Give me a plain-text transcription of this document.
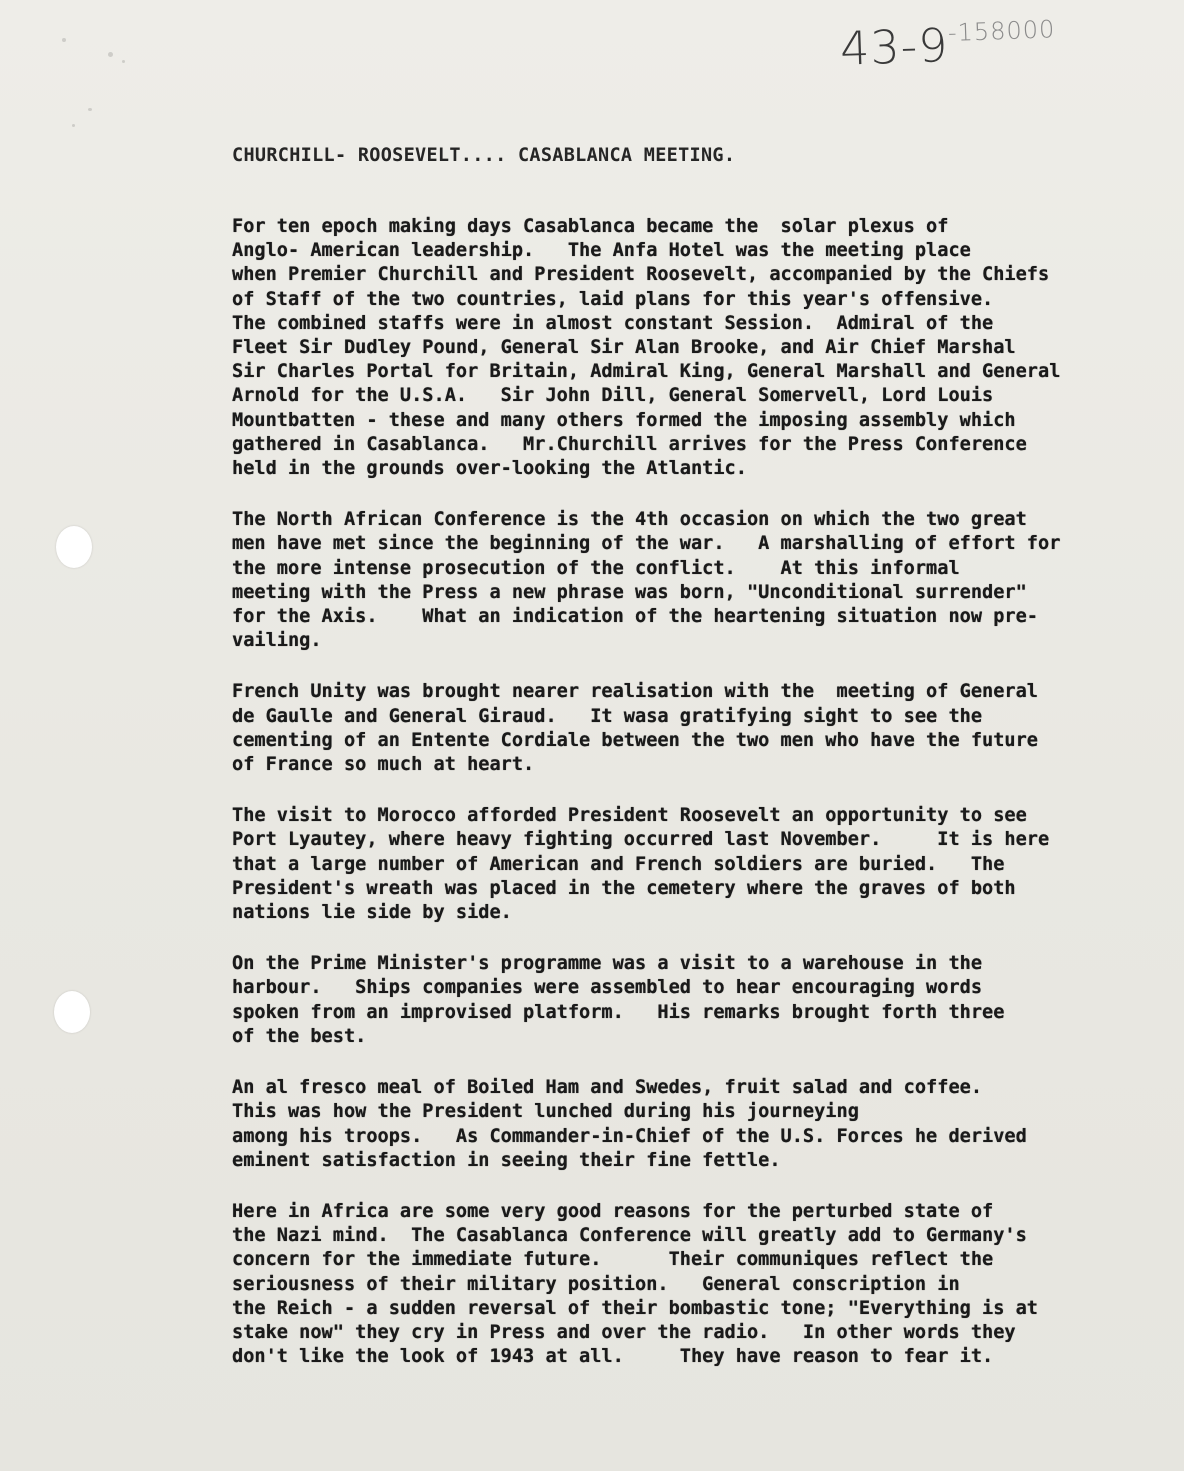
43-9$^{-158000}$
CHURCHILL- ROOSEVELT.... CASABLANCA MEETING.
For ten epoch making days Casablanca became the  solar plexus of
Anglo- American leadership.   The Anfa Hotel was the meeting place
when Premier Churchill and President Roosevelt, accompanied by the Chiefs
of Staff of the two countries, laid plans for this year's offensive.
The combined staffs were in almost constant Session.  Admiral of the
Fleet Sir Dudley Pound, General Sir Alan Brooke, and Air Chief Marshal
Sir Charles Portal for Britain, Admiral King, General Marshall and General
Arnold for the U.S.A.   Sir John Dill, General Somervell, Lord Louis
Mountbatten - these and many others formed the imposing assembly which
gathered in Casablanca.   Mr.Churchill arrives for the Press Conference
held in the grounds over-looking the Atlantic.
The North African Conference is the 4th occasion on which the two great
men have met since the beginning of the war.   A marshalling of effort for
the more intense prosecution of the conflict.    At this informal
meeting with the Press a new phrase was born, "Unconditional surrender"
for the Axis.    What an indication of the heartening situation now pre-
vailing.
French Unity was brought nearer realisation with the  meeting of General
de Gaulle and General Giraud.   It wasa gratifying sight to see the
cementing of an Entente Cordiale between the two men who have the future
of France so much at heart.
The visit to Morocco afforded President Roosevelt an opportunity to see
Port Lyautey, where heavy fighting occurred last November.     It is here
that a large number of American and French soldiers are buried.   The
President's wreath was placed in the cemetery where the graves of both
nations lie side by side.
On the Prime Minister's programme was a visit to a warehouse in the
harbour.   Ships companies were assembled to hear encouraging words
spoken from an improvised platform.   His remarks brought forth three
of the best.
An al fresco meal of Boiled Ham and Swedes, fruit salad and coffee.
This was how the President lunched during his journeying
among his troops.   As Commander-in-Chief of the U.S. Forces he derived
eminent satisfaction in seeing their fine fettle.
Here in Africa are some very good reasons for the perturbed state of
the Nazi mind.  The Casablanca Conference will greatly add to Germany's
concern for the immediate future.      Their communiques reflect the
seriousness of their military position.   General conscription in
the Reich - a sudden reversal of their bombastic tone; "Everything is at
stake now" they cry in Press and over the radio.   In other words they
don't like the look of 1943 at all.     They have reason to fear it.
